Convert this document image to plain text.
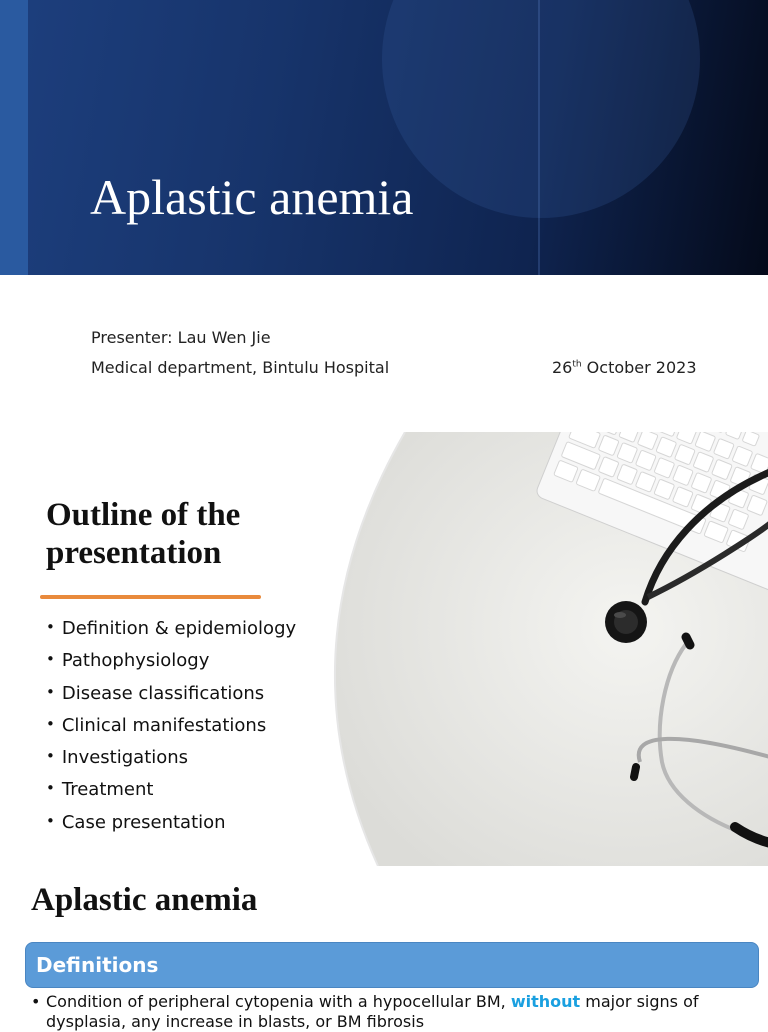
Aplastic anemia
Presenter: Lau Wen Jie
Medical department, Bintulu Hospital	26th October 2023
Outline of the
presentation
• Definition & epidemiology
• Pathophysiology
• Disease classifications
• Clinical manifestations
• Investigations
• Treatment
• Case presentation
Aplastic anemia
Definitions
• Condition of peripheral cytopenia with a hypocellular BM, without major signs of dysplasia, any increase in blasts, or BM fibrosis
